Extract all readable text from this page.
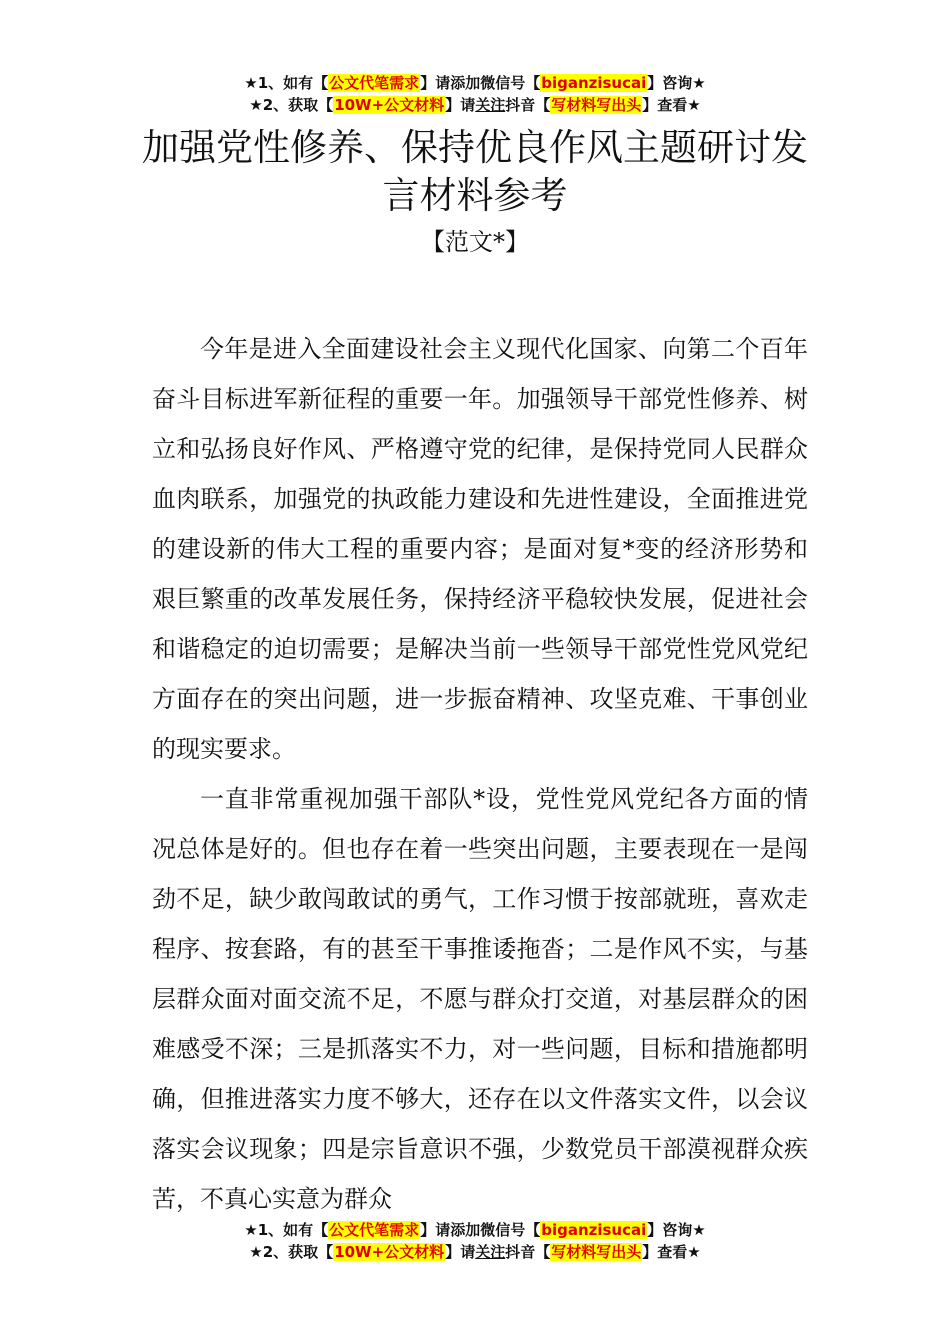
★1、如有【公文代笔需求】请添加微信号【biganzisucai】咨询★
★2、获取【10W+公文材料】请关注抖音【写材料写出头】查看★
加强党性修养、保持优良作风主题研讨发言材料参考
【范文*】

今年是进入全面建设社会主义现代化国家、向第二个百年奋斗目标进军新征程的重要一年。加强领导干部党性修养、树立和弘扬良好作风、严格遵守党的纪律，是保持党同人民群众血肉联系，加强党的执政能力建设和先进性建设，全面推进党的建设新的伟大工程的重要内容；是面对复*变的经济形势和艰巨繁重的改革发展任务，保持经济平稳较快发展，促进社会和谐稳定的迫切需要；是解决当前一些领导干部党性党风党纪方面存在的突出问题，进一步振奋精神、攻坚克难、干事创业的现实要求。

一直非常重视加强干部队*设，党性党风党纪各方面的情况总体是好的。但也存在着一些突出问题，主要表现在一是闯劲不足，缺少敢闯敢试的勇气，工作习惯于按部就班，喜欢走程序、按套路，有的甚至干事推诿拖沓；二是作风不实，与基层群众面对面交流不足，不愿与群众打交道，对基层群众的困难感受不深；三是抓落实不力，对一些问题，目标和措施都明确，但推进落实力度不够大，还存在以文件落实文件，以会议落实会议现象；四是宗旨意识不强，少数党员干部漠视群众疾苦，不真心实意为群众

★1、如有【公文代笔需求】请添加微信号【biganzisucai】咨询★
★2、获取【10W+公文材料】请关注抖音【写材料写出头】查看★
